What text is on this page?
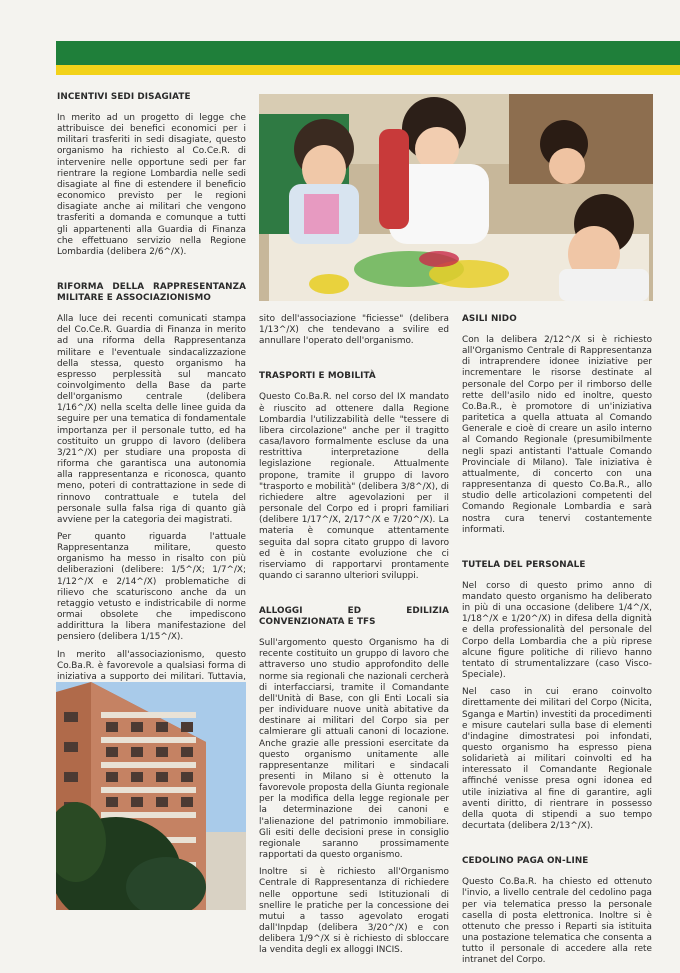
INCENTIVI SEDI DISAGIATE

In merito ad un progetto di legge che attribuisce dei benefici economici per i militari trasferiti in sedi disagiate, questo organismo ha richiesto al Co.Ce.R. di intervenire nelle opportune sedi per far rientrare la regione Lombardia nelle sedi disagiate al fine di estendere il beneficio economico previsto per le regioni disagiate anche ai militari che vengono trasferiti a domanda e comunque a tutti gli appartenenti alla Guardia di Finanza che effettuano servizio nella Regione Lombardia (delibera 2/6^/X).

RIFORMA DELLA RAPPRESENTANZA MILITARE E ASSOCIAZIONISMO

Alla luce dei recenti comunicati stampa del Co.Ce.R. Guardia di Finanza in merito ad una riforma della Rappresentanza militare e l'eventuale sindacalizzazione della stessa, questo organismo ha espresso perplessità sul mancato coinvolgimento della Base da parte dell'organismo centrale (delibera 1/16^/X) nella scelta delle linee guida da seguire per una tematica di fondamentale importanza per il personale tutto, ed ha costituito un gruppo di lavoro (delibera 3/21^/X) per studiare una proposta di riforma che garantisca una autonomia alla rappresentanza e riconosca, quanto meno, poteri di contrattazione in sede di rinnovo contrattuale e tutela del personale sulla falsa riga di quanto già avviene per la categoria dei magistrati.

Per quanto riguarda l'attuale Rappresentanza militare, questo organismo ha messo in risalto con più deliberazioni (delibere: 1/5^/X; 1/7^/X; 1/12^/X e 2/14^/X) problematiche di rilievo che scaturiscono anche da un retaggio vetusto e indistricabile di norme ormai obsolete che impediscono addirittura la libera manifestazione del pensiero (delibera 1/15^/X).

In merito all'associazionismo, questo Co.Ba.R. è favorevole a qualsiasi forma di iniziativa a supporto dei militari. Tuttavia,

sito dell'associazione "ficiesse" (delibera 1/13^/X) che tendevano a svilire ed annullare l'operato dell'organismo.

TRASPORTI E MOBILITÀ

Questo Co.Ba.R. nel corso del IX mandato è riuscito ad ottenere dalla Regione Lombardia l'utilizzabilità delle "tessere di libera circolazione" anche per il tragitto casa/lavoro formalmente escluse da una restrittiva interpretazione della legislazione regionale. Attualmente propone, tramite il gruppo di lavoro "trasporto e mobilità" (delibera 3/8^/X), di richiedere altre agevolazioni per il personale del Corpo ed i propri familiari (delibere 1/17^/X, 2/17^/X e 7/20^/X). La materia è comunque attentamente seguita dal sopra citato gruppo di lavoro ed è in costante evoluzione che ci riserviamo di rapportarvi prontamente quando ci saranno ulteriori sviluppi.

ALLOGGI ED EDILIZIA CONVENZIONATA E TFS

Sull'argomento questo Organismo ha di recente costituito un gruppo di lavoro che attraverso uno studio approfondito delle norme sia regionali che nazionali cercherà di interfacciarsi, tramite il Comandante dell'Unità di Base, con gli Enti Locali sia per individuare nuove unità abitative da destinare ai militari del Corpo sia per calmierare gli attuali canoni di locazione. Anche grazie alle pressioni esercitate da questo organismo unitamente alle rappresentanze militari e sindacali presenti in Milano si è ottenuto la favorevole proposta della Giunta regionale per la modifica della legge regionale per la determinazione dei canoni e l'alienazione del patrimonio immobiliare. Gli esiti delle decisioni prese in consiglio regionale saranno prossimamente rapportati da questo organismo.

Inoltre si è richiesto all'Organismo Centrale di Rappresentanza di richiedere nelle opportune sedi Istituzionali di snellire le pratiche per la concessione dei mutui a tasso agevolato erogati dall'Inpdap (delibera 3/20^/X) e con delibera 1/9^/X si è richiesto di sbloccare la vendita degli ex alloggi INCIS.

ASILI NIDO

Con la delibera 2/12^/X si è richiesto all'Organismo Centrale di Rappresentanza di intraprendere idonee iniziative per incrementare le risorse destinate al personale del Corpo per il rimborso delle rette dell'asilo nido ed inoltre, questo Co.Ba.R., è promotore di un'iniziativa paritetica a quella attuata al Comando Generale e cioè di creare un asilo interno al Comando Regionale (presumibilmente negli spazi antistanti l'attuale Comando Provinciale di Milano). Tale iniziativa è attualmente, di concerto con una rappresentanza di questo Co.Ba.R., allo studio delle articolazioni competenti del Comando Regionale Lombardia e sarà nostra cura tenervi costantemente informati.

TUTELA DEL PERSONALE

Nel corso di questo primo anno di mandato questo organismo ha deliberato in più di una occasione (delibere 1/4^/X, 1/18^/X e 1/20^/X) in difesa della dignità e della professionalità del personale del Corpo della Lombardia che a più riprese alcune figure politiche di rilievo hanno tentato di strumentalizzare (caso Visco-Speciale).

Nel caso in cui erano coinvolto direttamente dei militari del Corpo (Nicita, Sganga e Martin) investiti da procedimenti e misure cautelari sulla base di elementi d'indagine dimostratesi poi infondati, questo organismo ha espresso piena solidarietà ai militari coinvolti ed ha interessato il Comandante Regionale affinché venisse presa ogni idonea ed utile iniziativa al fine di garantire, agli aventi diritto, di rientrare in possesso della quota di stipendi a suo tempo decurtata (delibera 2/13^/X).

CEDOLINO PAGA ON-LINE

Questo Co.Ba.R. ha chiesto ed ottenuto l'invio, a livello centrale del cedolino paga per via telematica presso la personale casella di posta elettronica. Inoltre si è ottenuto che presso i Reparti sia istituita una postazione telematica che consenta a tutto il personale di accedere alla rete intranet del Corpo.
